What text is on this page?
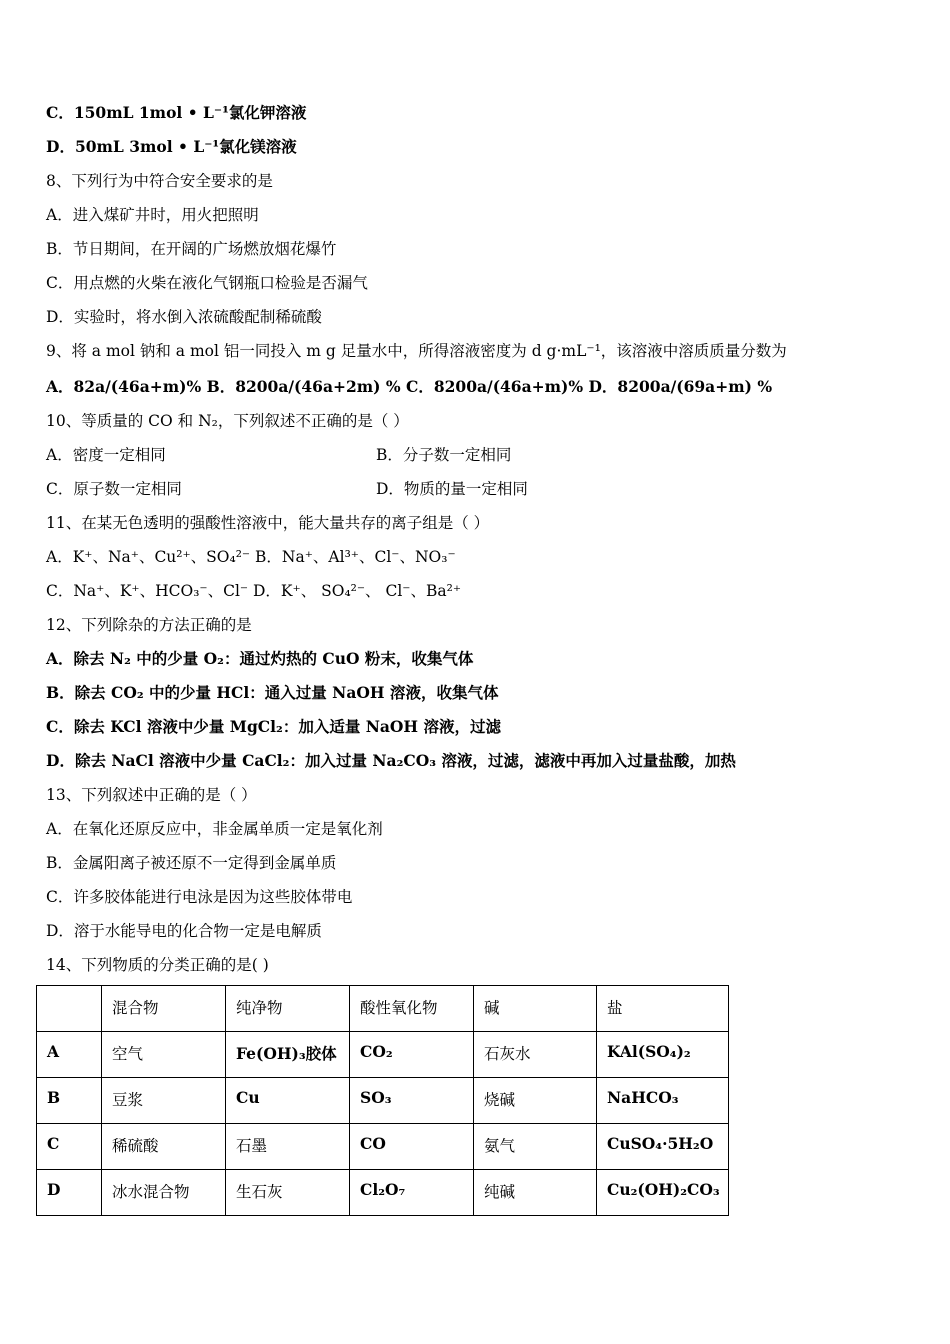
C．150mL 1mol • L⁻¹氯化钾溶液
D．50mL 3mol • L⁻¹氯化镁溶液
8、下列行为中符合安全要求的是
A．进入煤矿井时，用火把照明
B．节日期间，在开阔的广场燃放烟花爆竹
C．用点燃的火柴在液化气钢瓶口检验是否漏气
D．实验时，将水倒入浓硫酸配制稀硫酸
9、将 a mol 钠和 a mol 铝一同投入 m g 足量水中，所得溶液密度为 d g·mL⁻¹，该溶液中溶质质量分数为
A．82a/(46a+m)% B．8200a/(46a+2m) % C．8200a/(46a+m)% D．8200a/(69a+m) %
10、等质量的 CO 和 N₂，下列叙述不正确的是（ ）
A．密度一定相同	B．分子数一定相同
C．原子数一定相同	D．物质的量一定相同
11、在某无色透明的强酸性溶液中，能大量共存的离子组是（ ）
A．K⁺、Na⁺、Cu²⁺、SO₄²⁻ B．Na⁺、Al³⁺、Cl⁻、NO₃⁻
C．Na⁺、K⁺、HCO₃⁻、Cl⁻ D．K⁺、 SO₄²⁻、 Cl⁻、Ba²⁺
12、下列除杂的方法正确的是
A．除去 N₂ 中的少量 O₂：通过灼热的 CuO 粉末，收集气体
B．除去 CO₂ 中的少量 HCl：通入过量 NaOH 溶液，收集气体
C．除去 KCl 溶液中少量 MgCl₂：加入适量 NaOH 溶液，过滤
D．除去 NaCl 溶液中少量 CaCl₂：加入过量 Na₂CO₃ 溶液，过滤，滤液中再加入过量盐酸，加热
13、下列叙述中正确的是（ ）
A．在氧化还原反应中，非金属单质一定是氧化剂
B．金属阳离子被还原不一定得到金属单质
C．许多胶体能进行电泳是因为这些胶体带电
D．溶于水能导电的化合物一定是电解质
14、下列物质的分类正确的是( )
	混合物	纯净物	酸性氧化物	碱	盐
A	空气	Fe(OH)₃胶体	CO₂	石灰水	KAl(SO₄)₂
B	豆浆	Cu	SO₃	烧碱	NaHCO₃
C	稀硫酸	石墨	CO	氨气	CuSO₄·5H₂O
D	冰水混合物	生石灰	Cl₂O₇	纯碱	Cu₂(OH)₂CO₃
